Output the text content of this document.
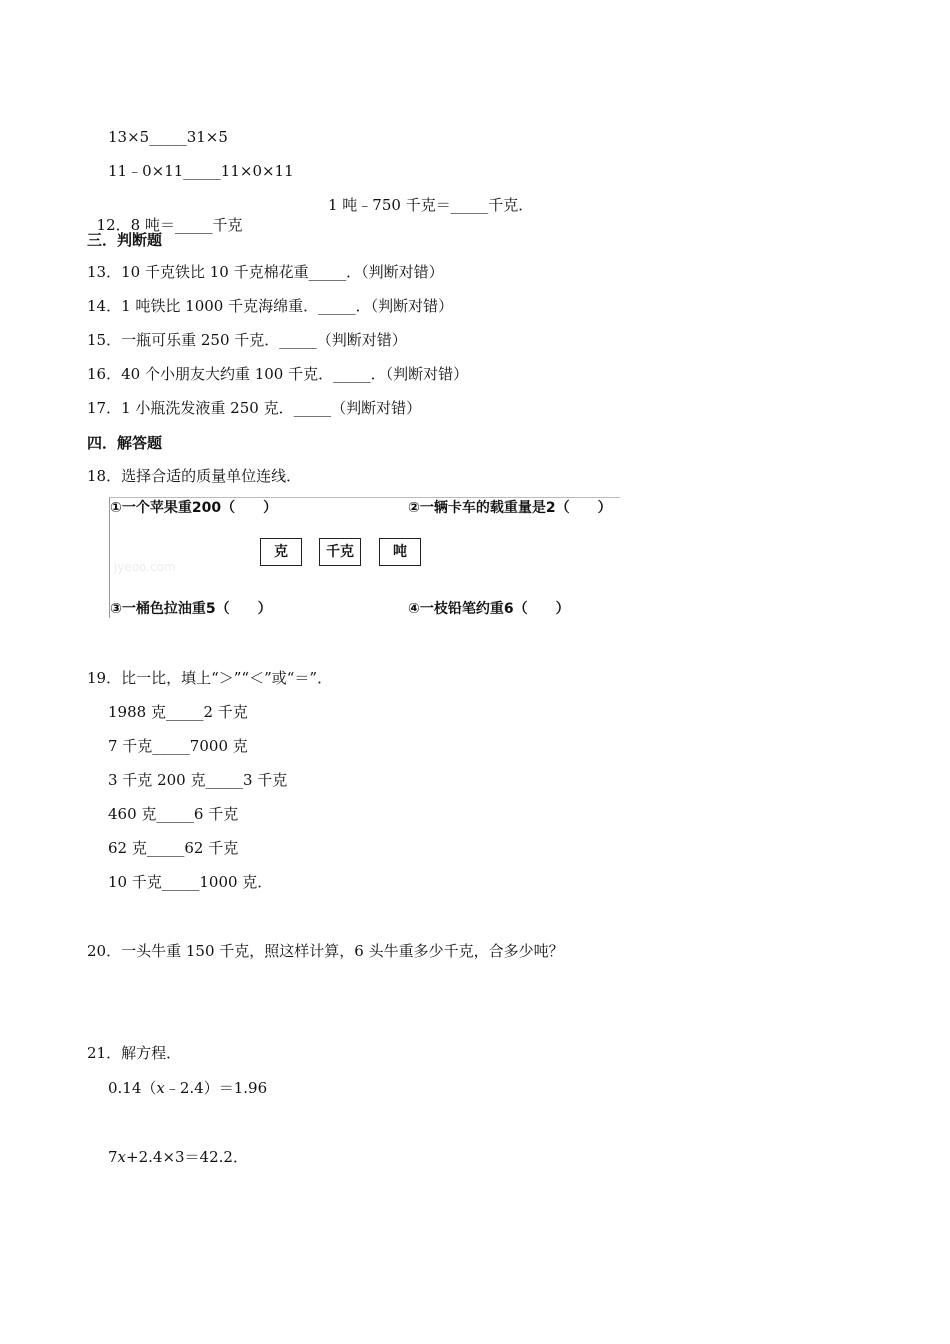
13×5_____31×5
11﹣0×11_____11×0×11

12．8 吨＝_____千克

1 吨﹣750 千克＝_____千克．
三．判断题
13．10 千克铁比 10 千克棉花重_____．（判断对错）
14．1 吨铁比 1000 千克海绵重．_____．（判断对错）
15．一瓶可乐重 250 千克．_____（判断对错）
16．40 个小朋友大约重 100 千克．_____．（判断对错）
17．1 小瓶洗发液重 250 克．_____（判断对错）
四．解答题
18．选择合适的质量单位连线．
①一个苹果重200（　　）	②一辆卡车的载重量是2（　　）
克	千克	吨
jyeoo.com
③一桶色拉油重5（　　）	④一枝铅笔约重6（　　）
19．比一比，填上“＞”“＜”或“＝”．
1988 克_____2 千克
7 千克_____7000 克
3 千克 200 克_____3 千克
460 克_____6 千克
62 克_____62 千克
10 千克_____1000 克．
20．一头牛重 150 千克，照这样计算，6 头牛重多少千克，合多少吨？
21．解方程．
0.14（x﹣2.4）＝1.96
7x+2.4×3＝42.2．
